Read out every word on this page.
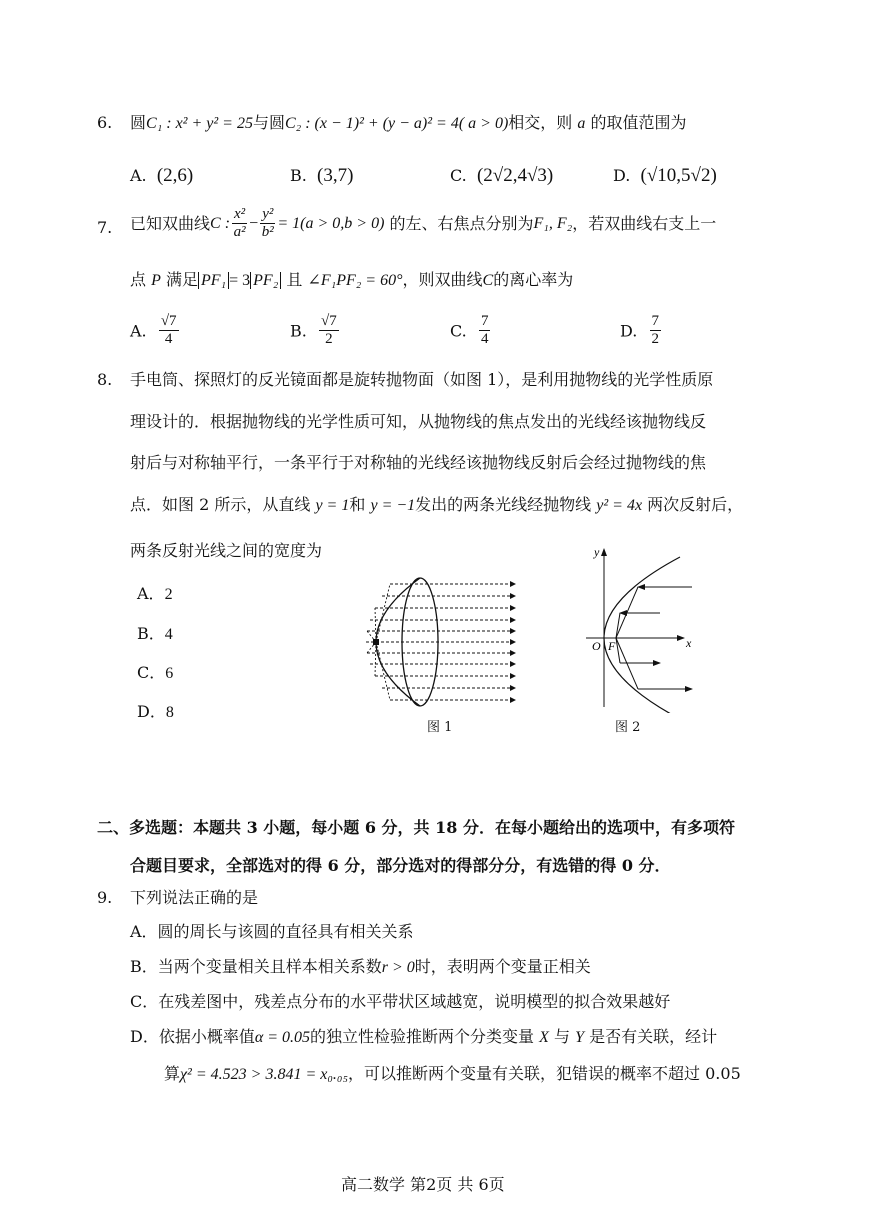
6. 圆C₁ : x² + y² = 25与圆C₂ : (x − 1)² + (y − a)² = 4( a > 0)相交，则 a 的取值范围为
A. (2,6)	B. (3,7)	C. (2√2,4√3)	D. (√10,5√2)
7. 已知双曲线C : $\frac{\text{x²}}{\text{a²}} - \frac{\text{y²}}{\text{b²}} = 1(a > 0,b > 0)$ 的左、右焦点分别为F₁, F₂，若双曲线右支上一
点 P 满足 PF₁ = 3 PF₂ 且 ∠F₁PF₂ = 60°，则双曲线C的离心率为
A. $\frac{√7}{4}$	B. $\frac{√7}{2}$	C. $\frac{7}{4}$	D. $\frac{7}{2}$
8. 手电筒、探照灯的反光镜面都是旋转抛物面（如图 1），是利用抛物线的光学性质原
理设计的．根据抛物线的光学性质可知，从抛物线的焦点发出的光线经该抛物线反
射后与对称轴平行，一条平行于对称轴的光线经该抛物线反射后会经过抛物线的焦
点．如图 2 所示，从直线 y = 1和 y = −1发出的两条光线经抛物线 y² = 4x 两次反射后，
两条反射光线之间的宽度为
A．2
B．4
C．6
D．8
图 1
y
x
O F
图 2
二、多选题：本题共 3 小题，每小题 6 分，共 18 分．在每小题给出的选项中，有多项符
合题目要求，全部选对的得 6 分，部分选对的得部分分，有选错的得 0 分．
9. 下列说法正确的是
A．圆的周长与该圆的直径具有相关关系
B．当两个变量相关且样本相关系数r > 0时，表明两个变量正相关
C．在残差图中，残差点分布的水平带状区域越宽，说明模型的拟合效果越好
D．依据小概率值α = 0.05的独立性检验推断两个分类变量 X 与 Y 是否有关联，经计
算χ² = 4.523 > 3.841 = x₀.₀₅，可以推断两个变量有关联，犯错误的概率不超过 0.05
高二数学 第2页 共 6页
